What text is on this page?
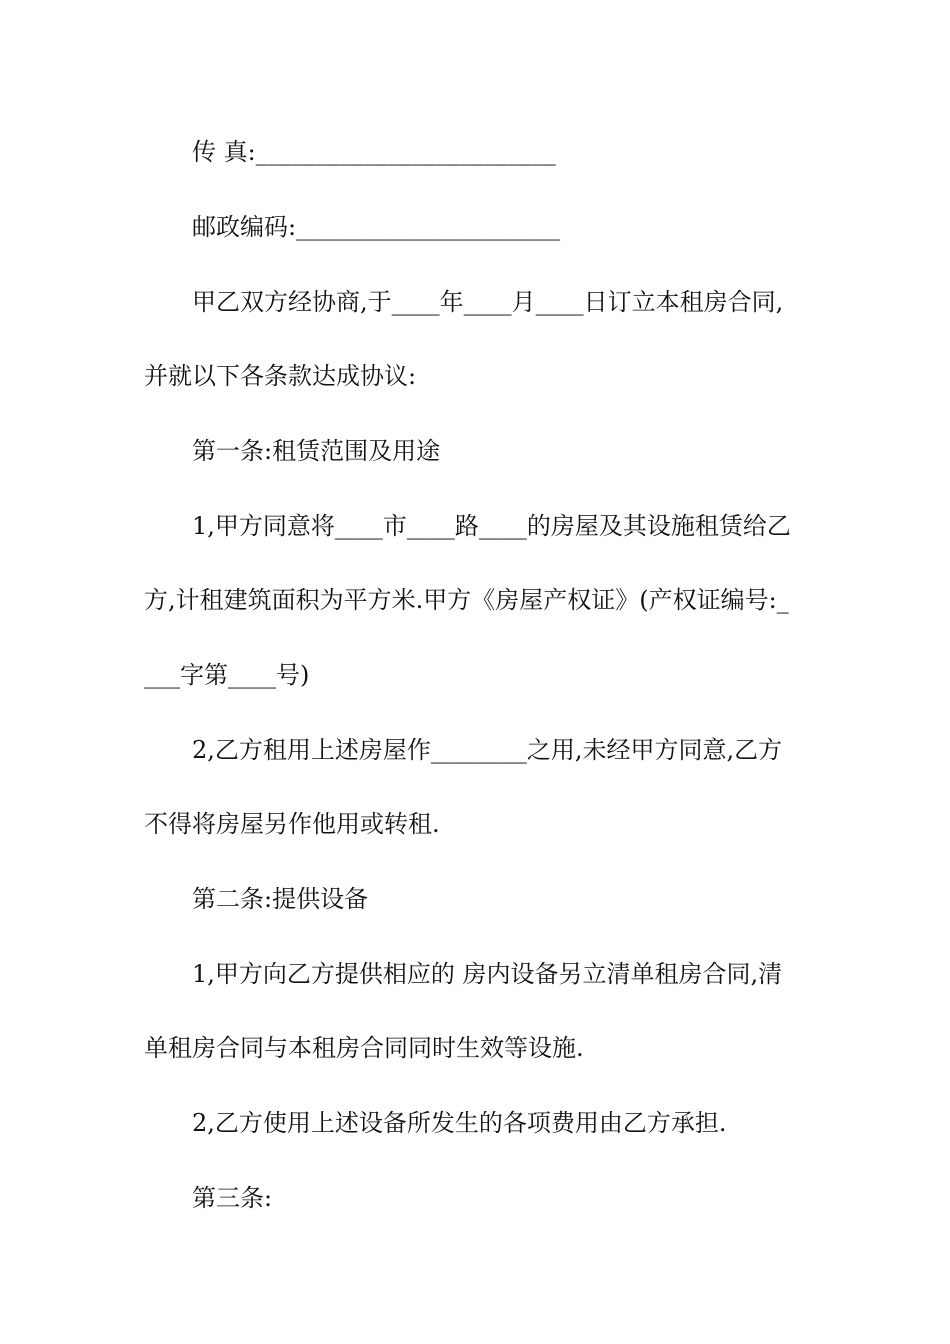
传 真:_________________________
邮政编码:______________________
甲乙双方经协商,于____年____月____日订立本租房合同,
并就以下各条款达成协议:
第一条:租赁范围及用途
1,甲方同意将____市____路____的房屋及其设施租赁给乙
方,计租建筑面积为平方米.甲方《房屋产权证》(产权证编号:_
___字第____号)
2,乙方租用上述房屋作________之用,未经甲方同意,乙方
不得将房屋另作他用或转租.
第二条:提供设备
1,甲方向乙方提供相应的 房内设备另立清单租房合同,清
单租房合同与本租房合同同时生效等设施.
2,乙方使用上述设备所发生的各项费用由乙方承担.
第三条:
